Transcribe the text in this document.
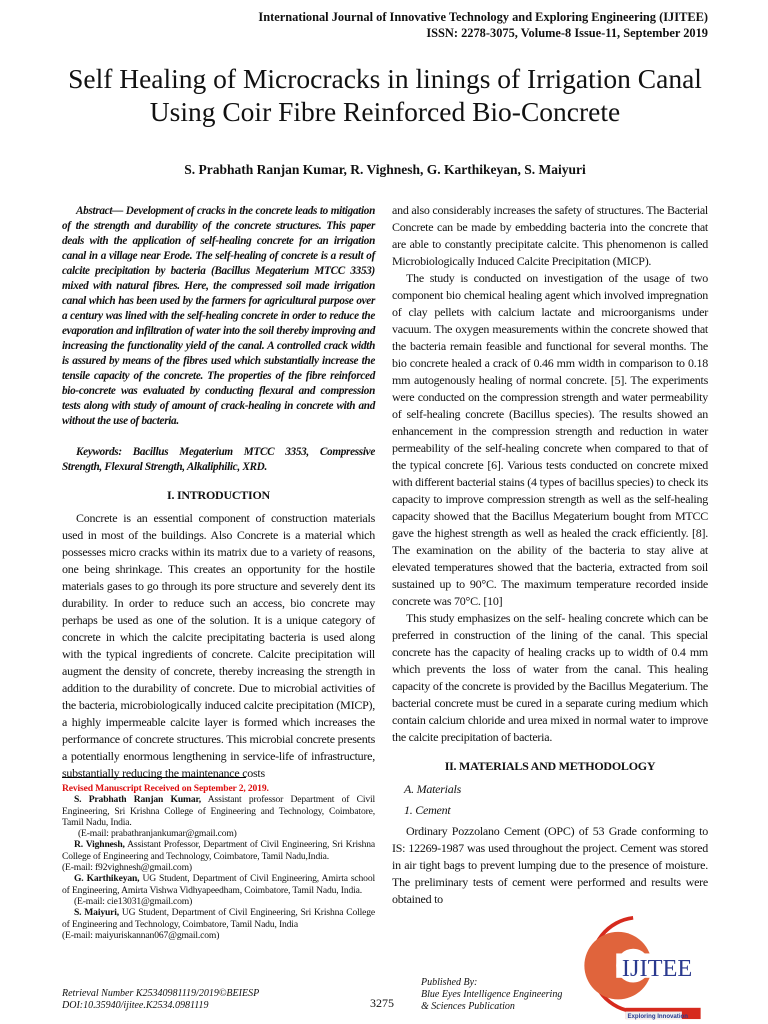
International Journal of Innovative Technology and Exploring Engineering (IJITEE)
ISSN: 2278-3075, Volume-8 Issue-11, September 2019
Self Healing of Microcracks in linings of Irrigation Canal Using Coir Fibre Reinforced Bio-Concrete
S. Prabhath Ranjan Kumar, R. Vighnesh, G. Karthikeyan, S. Maiyuri

Abstract— Development of cracks in the concrete leads to mitigation of the strength and durability of the concrete structures. This paper deals with the application of self-healing concrete for an irrigation canal in a village near Erode. The self-healing of concrete is a result of calcite precipitation by bacteria (Bacillus Megaterium MTCC 3353) mixed with natural fibres. Here, the compressed soil made irrigation canal which has been used by the farmers for agricultural purpose over a century was lined with the self-healing concrete in order to reduce the evaporation and infiltration of water into the soil thereby improving and increasing the functionality yield of the canal. A controlled crack width is assured by means of the fibres used which substantially increase the tensile capacity of the concrete. The properties of the fibre reinforced bio-concrete was evaluated by conducting flexural and compression tests along with study of amount of crack-healing in concrete with and without the use of bacteria.

Keywords: Bacillus Megaterium MTCC 3353, Compressive Strength, Flexural Strength, Alkaliphilic, XRD.

I. INTRODUCTION

Concrete is an essential component of construction materials used in most of the buildings. Also Concrete is a material which possesses micro cracks within its matrix due to a variety of reasons, one being shrinkage. This creates an opportunity for the hostile materials gases to go through its pore structure and severely dent its durability. In order to reduce such an access, bio concrete may perhaps be used as one of the solution. It is a unique category of concrete in which the calcite precipitating bacteria is used along with the typical ingredients of concrete. Calcite precipitation will augment the density of concrete, thereby increasing the strength in addition to the durability of concrete. Due to microbial activities of the bacteria, microbiologically induced calcite precipitation (MICP), a highly impermeable calcite layer is formed which increases the performance of concrete structures. This microbial concrete presents a potentially enormous lengthening in service-life of infrastructure, substantially reducing the maintenance costs

and also considerably increases the safety of structures. The Bacterial Concrete can be made by embedding bacteria into the concrete that are able to constantly precipitate calcite. This phenomenon is called Microbiologically Induced Calcite Precipitation (MICP).

The study is conducted on investigation of the usage of two component bio chemical healing agent which involved impregnation of clay pellets with calcium lactate and microorganisms under vacuum. The oxygen measurements within the concrete showed that the bacteria remain feasible and functional for several months. The bio concrete healed a crack of 0.46 mm width in comparison to 0.18 mm autogenously healing of normal concrete. [5]. The experiments were conducted on the compression strength and water permeability of self-healing concrete (Bacillus species). The results showed an enhancement in the compression strength and reduction in water permeability of the self-healing concrete when compared to that of the typical concrete [6]. Various tests conducted on concrete mixed with different bacterial stains (4 types of bacillus species) to check its capacity to improve compression strength as well as the self-healing capacity showed that the Bacillus Megaterium bought from MTCC gave the highest strength as well as healed the crack efficiently. [8]. The examination on the ability of the bacteria to stay alive at elevated temperatures showed that the bacteria, extracted from soil sustained up to 90°C. The maximum temperature recorded inside concrete was 70°C. [10]

This study emphasizes on the self- healing concrete which can be preferred in construction of the lining of the canal. This special concrete has the capacity of healing cracks up to width of 0.4 mm which prevents the loss of water from the canal. This healing capacity of the concrete is provided by the Bacillus Megaterium. The bacterial concrete must be cured in a separate curing medium which contain calcium chloride and urea mixed in normal water to improve the calcite precipitation of bacteria.

II. MATERIALS AND METHODOLOGY
A. Materials
1. Cement

Ordinary Pozzolano Cement (OPC) of 53 Grade conforming to IS: 12269-1987 was used throughout the project. Cement was stored in air tight bags to prevent lumping due to the presence of moisture. The preliminary tests of cement were performed and results were obtained to

Revised Manuscript Received on September 2, 2019.

S. Prabhath Ranjan Kumar, Assistant professor Department of Civil Engineering, Sri Krishna College of Engineering and Technology, Coimbatore, Tamil Nadu, India.

(E-mail: prabathranjankumar@gmail.com)

R. Vighnesh, Assistant Professor, Department of Civil Engineering, Sri Krishna College of Engineering and Technology, Coimbatore, Tamil Nadu,India.

(E-mail: f92vighnesh@gmail.com)

G. Karthikeyan, UG Student, Department of Civil Engineering, Amirta school of Engineering, Amirta Vishwa Vidhyapeedham, Coimbatore, Tamil Nadu, India.

(E-mail: cie13031@gmail.com)

S. Maiyuri, UG Student, Department of Civil Engineering, Sri Krishna College of Engineering and Technology, Coimbatore, Tamil Nadu, India

(E-mail: maiyuriskannan067@gmail.com)

Retrieval Number K25340981119/2019©BEIESP
DOI:10.35940/ijitee.K2534.0981119	3275
Published By:
Blue Eyes Intelligence Engineering
& Sciences Publication
IJITEE
Exploring Innovation
